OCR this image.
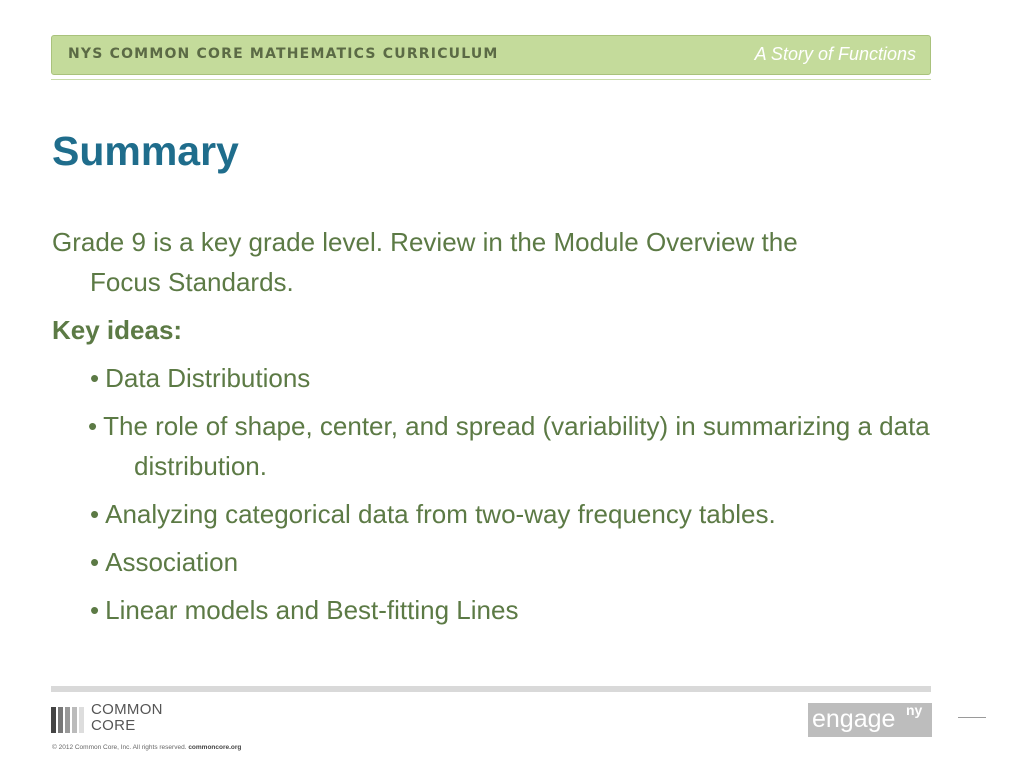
NYS COMMON CORE MATHEMATICS CURRICULUM	A Story of Functions
Summary

Grade 9 is a key grade level. Review in the Module Overview the
Focus Standards.

Key ideas:

• Data Distributions

• The role of shape, center, and spread (variability) in summarizing a data distribution.

• Analyzing categorical data from two-way frequency tables.

• Association

• Linear models and Best-fitting Lines

COMMON
CORE
© 2012 Common Core, Inc. All rights reserved. commoncore.org
engage ny
